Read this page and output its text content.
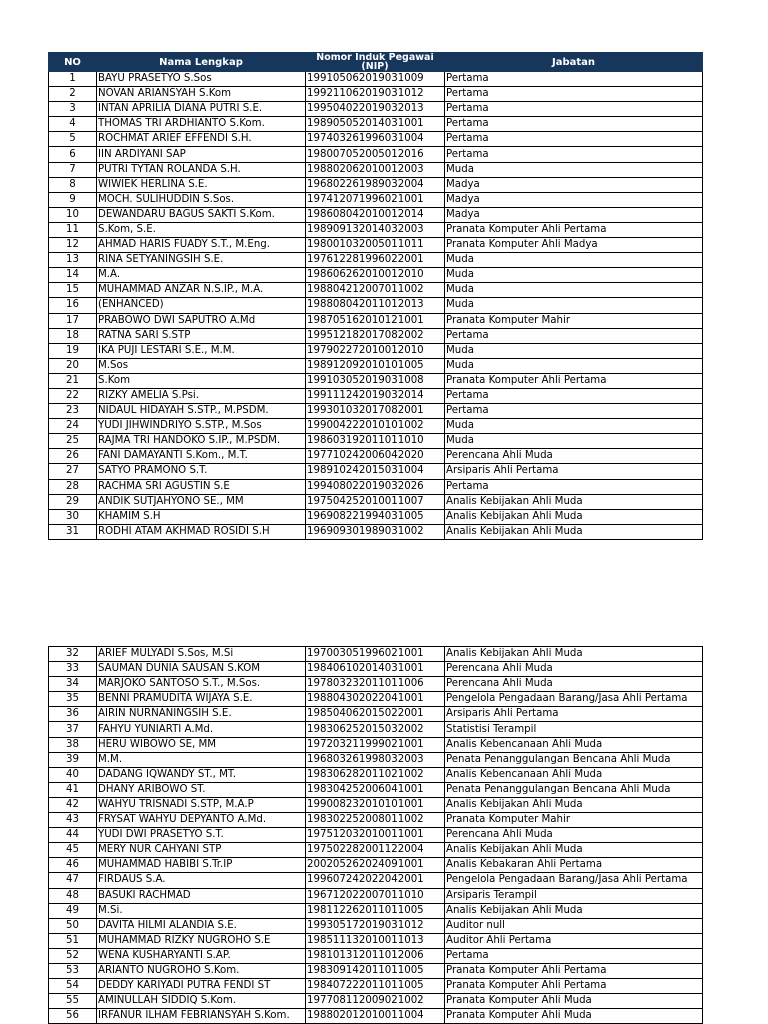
NO	Nama Lengkap	Nomor Induk Pegawai (NIP)	Jabatan
1	BAYU PRASETYO S.Sos	199105062019031009	Pertama
2	NOVAN ARIANSYAH S.Kom	199211062019031012	Pertama
3	INTAN APRILIA DIANA PUTRI S.E.	199504022019032013	Pertama
4	THOMAS TRI ARDHIANTO S.Kom.	198905052014031001	Pertama
5	ROCHMAT ARIEF EFFENDI S.H.	197403261996031004	Pertama
6	IIN ARDIYANI SAP	198007052005012016	Pertama
7	PUTRI TYTAN ROLANDA S.H.	198802062010012003	Muda
8	WIWIEK HERLINA S.E.	196802261989032004	Madya
9	MOCH. SULIHUDDIN S.Sos.	197412071996021001	Madya
10	DEWANDARU BAGUS SAKTI S.Kom.	198608042010012014	Madya
11	S.Kom, S.E.	198909132014032003	Pranata Komputer Ahli Pertama
12	AHMAD HARIS FUADY S.T., M.Eng.	198001032005011011	Pranata Komputer Ahli Madya
13	RINA SETYANINGSIH S.E.	197612281996022001	Muda
14	M.A.	198606262010012010	Muda
15	MUHAMMAD ANZAR N.S.IP., M.A.	198804212007011002	Muda
16	(ENHANCED)	198808042011012013	Muda
17	PRABOWO DWI SAPUTRO A.Md	198705162010121001	Pranata Komputer Mahir
18	RATNA SARI S.STP	199512182017082002	Pertama
19	IKA PUJI LESTARI S.E., M.M.	197902272010012010	Muda
20	M.Sos	198912092010101005	Muda
21	S.Kom	199103052019031008	Pranata Komputer Ahli Pertama
22	RIZKY AMELIA S.Psi.	199111242019032014	Pertama
23	NIDAUL HIDAYAH S.STP., M.PSDM.	199301032017082001	Pertama
24	YUDI JIHWINDRIYO S.STP., M.Sos	199004222010101002	Muda
25	RAJMA TRI HANDOKO S.IP., M.PSDM.	198603192011011010	Muda
26	FANI DAMAYANTI S.Kom., M.T.	197710242006042020	Perencana Ahli Muda
27	SATYO PRAMONO S.T.	198910242015031004	Arsiparis Ahli Pertama
28	RACHMA SRI AGUSTIN S.E	199408022019032026	Pertama
29	ANDIK SUTJAHYONO SE., MM	197504252010011007	Analis Kebijakan Ahli Muda
30	KHAMIM S.H	196908221994031005	Analis Kebijakan Ahli Muda
31	RODHI ATAM AKHMAD ROSIDI S.H	196909301989031002	Analis Kebijakan Ahli Muda
32	ARIEF MULYADI S.Sos, M.Si	197003051996021001	Analis Kebijakan Ahli Muda
33	SAUMAN DUNIA SAUSAN S.KOM	198406102014031001	Perencana Ahli Muda
34	MARJOKO SANTOSO S.T., M.Sos.	197803232011011006	Perencana Ahli Muda
35	BENNI PRAMUDITA WIJAYA S.E.	198804302022041001	Pengelola Pengadaan Barang/Jasa Ahli Pertama
36	AIRIN NURNANINGSIH S.E.	198504062015022001	Arsiparis Ahli Pertama
37	FAHYU YUNIARTI A.Md.	198306252015032002	Statistisi Terampil
38	HERU WIBOWO SE, MM	197203211999021001	Analis Kebencanaan Ahli Muda
39	M.M.	196803261998032003	Penata Penanggulangan Bencana Ahli Muda
40	DADANG IQWANDY ST., MT.	198306282011021002	Analis Kebencanaan Ahli Muda
41	DHANY ARIBOWO ST.	198304252006041001	Penata Penanggulangan Bencana Ahli Muda
42	WAHYU TRISNADI S.STP, M.A.P	199008232010101001	Analis Kebijakan Ahli Muda
43	FRYSAT WAHYU DEPYANTO A.Md.	198302252008011002	Pranata Komputer Mahir
44	YUDI DWI PRASETYO S.T.	197512032010011001	Perencana Ahli Muda
45	MERY NUR CAHYANI STP	197502282001122004	Analis Kebijakan Ahli Muda
46	MUHAMMAD HABIBI S.Tr.IP	200205262024091001	Analis Kebakaran Ahli Pertama
47	FIRDAUS S.A.	199607242022042001	Pengelola Pengadaan Barang/Jasa Ahli Pertama
48	BASUKI RACHMAD	196712022007011010	Arsiparis Terampil
49	M.Si.	198112262011011005	Analis Kebijakan Ahli Muda
50	DAVITA HILMI ALANDIA S.E.	199305172019031012	Auditor null
51	MUHAMMAD RIZKY NUGROHO S.E	198511132010011013	Auditor Ahli Pertama
52	WENA KUSHARYANTI S.AP.	198101312011012006	Pertama
53	ARIANTO NUGROHO S.Kom.	198309142011011005	Pranata Komputer Ahli Pertama
54	DEDDY KARIYADI PUTRA FENDI ST	198407222011011005	Pranata Komputer Ahli Pertama
55	AMINULLAH SIDDIQ S.Kom.	197708112009021002	Pranata Komputer Ahli Muda
56	IRFANUR ILHAM FEBRIANSYAH S.Kom.	198802012010011004	Pranata Komputer Ahli Muda
